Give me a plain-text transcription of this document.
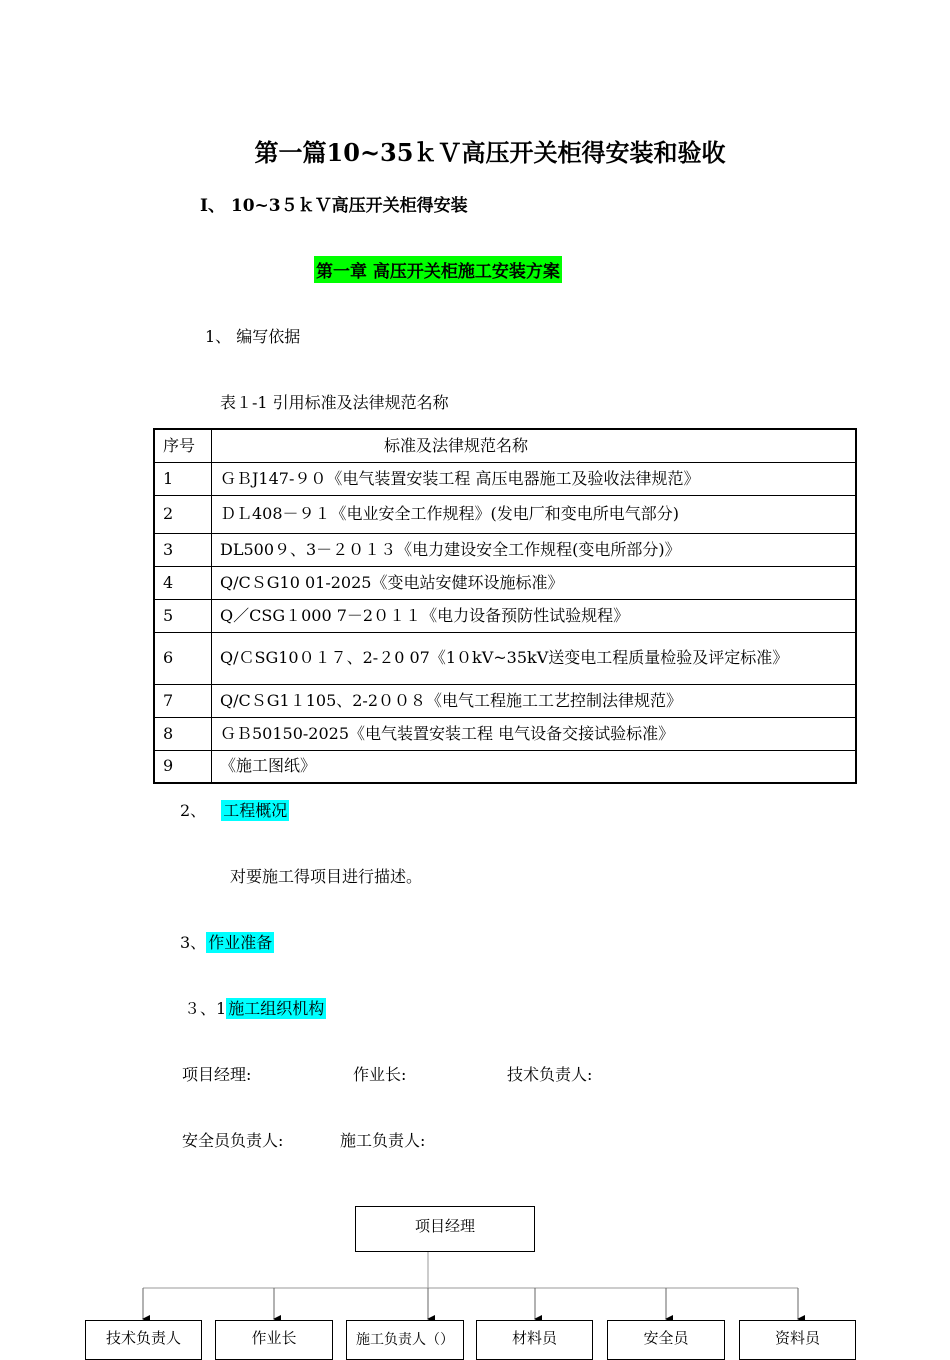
第一篇10~35ｋＶ高压开关柜得安装和验收
I、 10~3５ｋＶ高压开关柜得安装
第一章 高压开关柜施工安装方案
1、 编写依据
表１-1 引用标准及法律规范名称
序号	标准及法律规范名称
1	ＧＢJ147-９０《电气装置安装工程 高压电器施工及验收法律规范》
2	ＤＬ408－９１《电业安全工作规程》(发电厂和变电所电气部分)
3	DL500９、3－２０１３《电力建设安全工作规程(变电所部分)》
4	Q/CＳG10 01-2025《变电站安健环设施标准》
5	Q／CSG１000 7－2０１１《电力设备预防性试验规程》
6	Q/ＣSG10０１７、2-２0 07《1０kV~35kV送变电工程质量检验及评定标准》
7	Q/CＳG1１105、2-2００８《电气工程施工工艺控制法律规范》
8	ＧＢ50150-2025《电气装置安装工程 电气设备交接试验标准》
9	《施工图纸》
2、 工程概况
对要施工得项目进行描述。
3、 作业准备
３、1 施工组织机构
项目经理:	作业长:	技术负责人:
安全员负责人:	施工负责人:
项目经理
技术负责人	作业长	施工负责人（）	材料员	安全员	资料员
